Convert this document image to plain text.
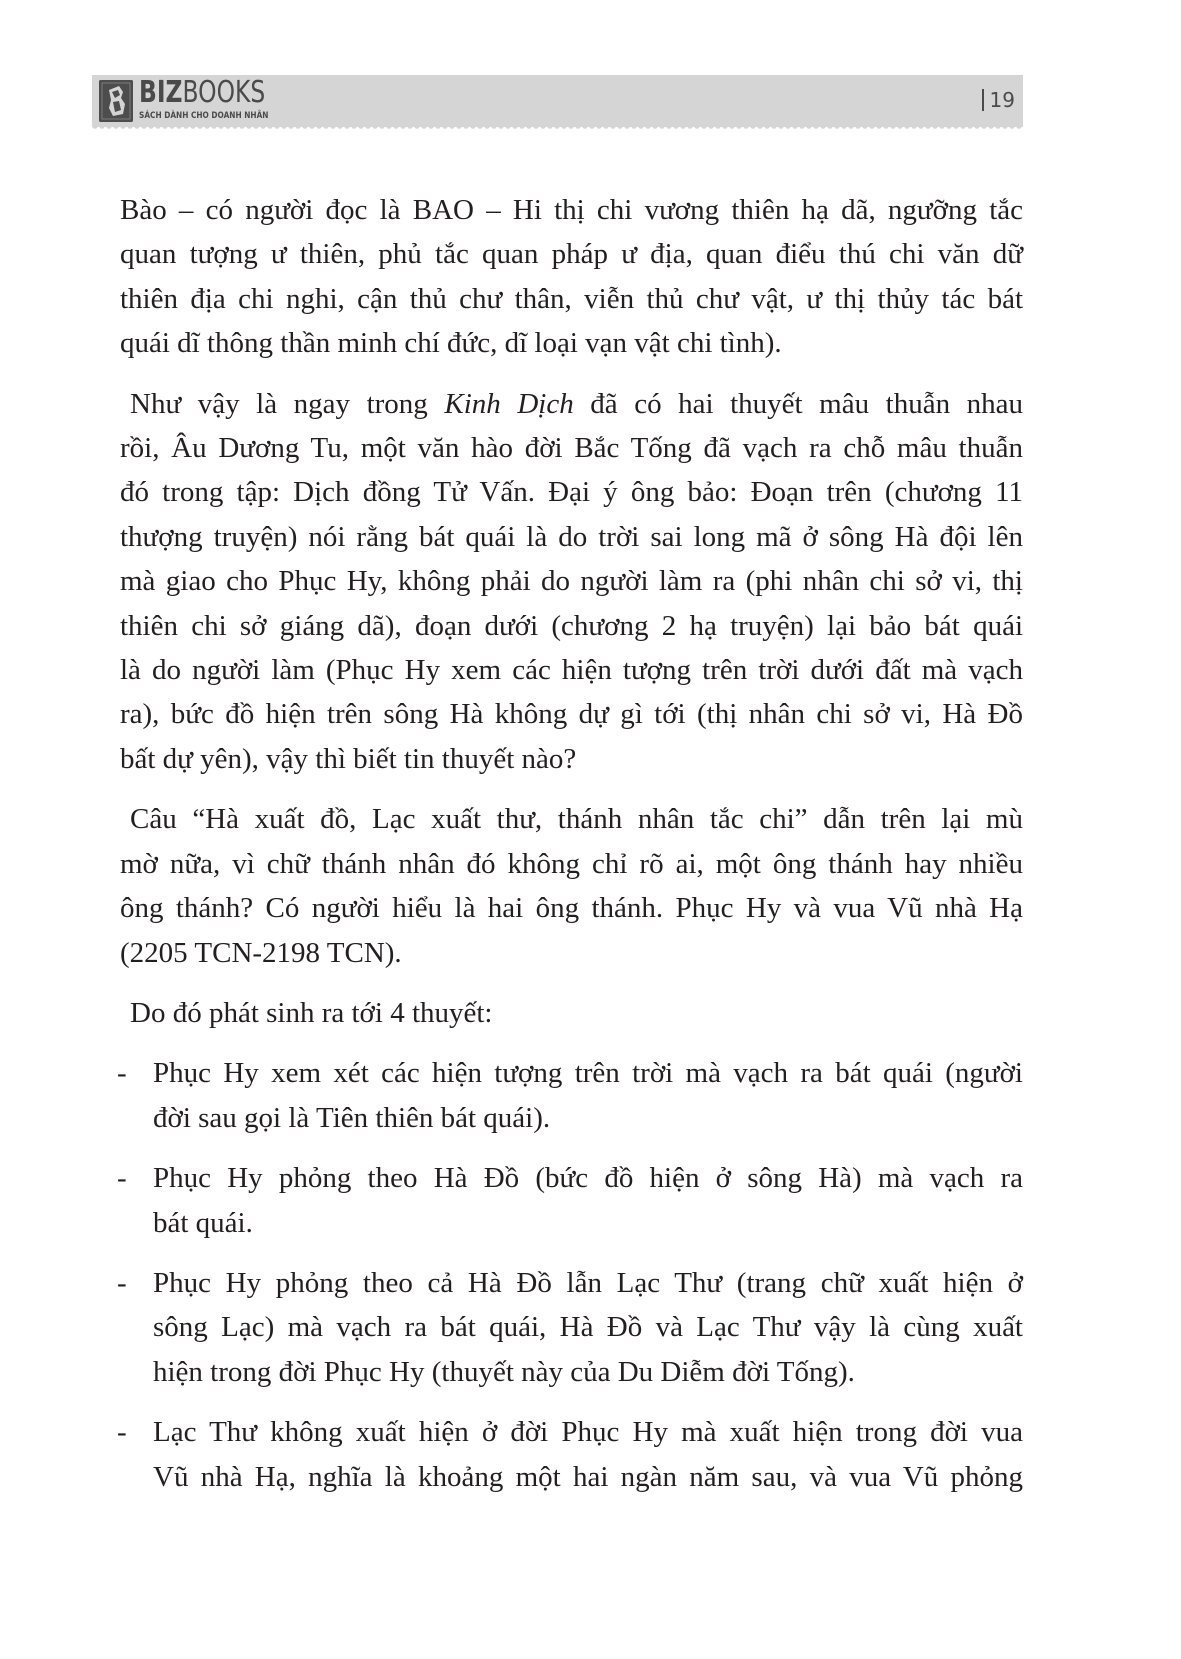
BIZBOOKS
SÁCH DÀNH CHO DOANH NHÂN
19

Bào – có người đọc là BAO – Hi thị chi vương thiên hạ dã, ngưỡng tắc
quan tượng ư thiên, phủ tắc quan pháp ư địa, quan điểu thú chi văn dữ
thiên địa chi nghi, cận thủ chư thân, viễn thủ chư vật, ư thị thủy tác bát
quái dĩ thông thần minh chí đức, dĩ loại vạn vật chi tình).

Như vậy là ngay trong Kinh Dịch đã có hai thuyết mâu thuẫn nhau
rồi, Âu Dương Tu, một văn hào đời Bắc Tống đã vạch ra chỗ mâu thuẫn
đó trong tập: Dịch đồng Tử Vấn. Đại ý ông bảo: Đoạn trên (chương 11
thượng truyện) nói rằng bát quái là do trời sai long mã ở sông Hà đội lên
mà giao cho Phục Hy, không phải do người làm ra (phi nhân chi sở vi, thị
thiên chi sở giáng dã), đoạn dưới (chương 2 hạ truyện) lại bảo bát quái
là do người làm (Phục Hy xem các hiện tượng trên trời dưới đất mà vạch
ra), bức đồ hiện trên sông Hà không dự gì tới (thị nhân chi sở vi, Hà Đồ
bất dự yên), vậy thì biết tin thuyết nào?

Câu “Hà xuất đồ, Lạc xuất thư, thánh nhân tắc chi” dẫn trên lại mù
mờ nữa, vì chữ thánh nhân đó không chỉ rõ ai, một ông thánh hay nhiều
ông thánh? Có người hiểu là hai ông thánh. Phục Hy và vua Vũ nhà Hạ
(2205 TCN-2198 TCN).

Do đó phát sinh ra tới 4 thuyết:

- Phục Hy xem xét các hiện tượng trên trời mà vạch ra bát quái (người
đời sau gọi là Tiên thiên bát quái).
- Phục Hy phỏng theo Hà Đồ (bức đồ hiện ở sông Hà) mà vạch ra
bát quái.
- Phục Hy phỏng theo cả Hà Đồ lẫn Lạc Thư (trang chữ xuất hiện ở
sông Lạc) mà vạch ra bát quái, Hà Đồ và Lạc Thư vậy là cùng xuất
hiện trong đời Phục Hy (thuyết này của Du Diễm đời Tống).
- Lạc Thư không xuất hiện ở đời Phục Hy mà xuất hiện trong đời vua
Vũ nhà Hạ, nghĩa là khoảng một hai ngàn năm sau, và vua Vũ phỏng
